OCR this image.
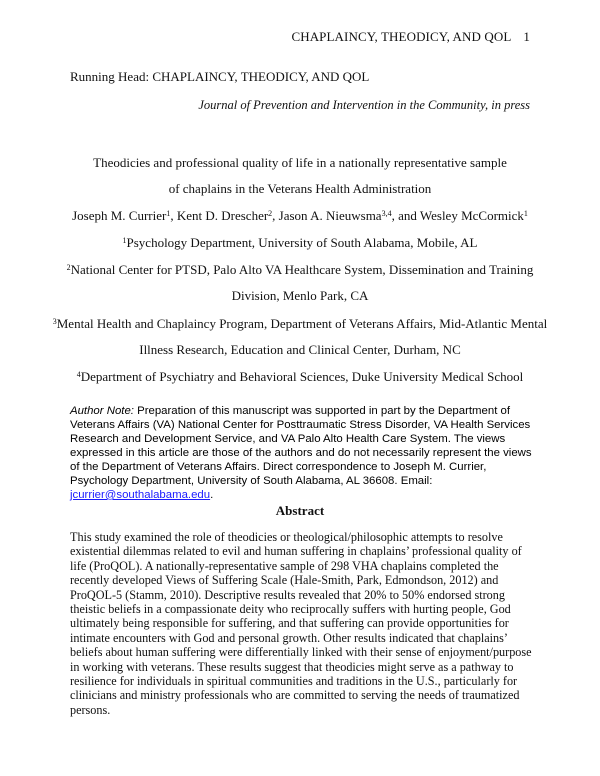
CHAPLAINCY, THEODICY, AND QOL 1
Running Head: CHAPLAINCY, THEODICY, AND QOL
Journal of Prevention and Intervention in the Community, in press
Theodicies and professional quality of life in a nationally representative sample
of chaplains in the Veterans Health Administration
Joseph M. Currier$^1$, Kent D. Drescher$^2$, Jason A. Nieuwsma$^{3,4}$, and Wesley McCormick$^1$
$^1$Psychology Department, University of South Alabama, Mobile, AL
$^2$National Center for PTSD, Palo Alto VA Healthcare System, Dissemination and Training
Division, Menlo Park, CA
$^3$Mental Health and Chaplaincy Program, Department of Veterans Affairs, Mid-Atlantic Mental
Illness Research, Education and Clinical Center, Durham, NC
$^4$Department of Psychiatry and Behavioral Sciences, Duke University Medical School
Author Note: Preparation of this manuscript was supported in part by the Department of Veterans Affairs (VA) National Center for Posttraumatic Stress Disorder, VA Health Services Research and Development Service, and VA Palo Alto Health Care System. The views expressed in this article are those of the authors and do not necessarily represent the views of the Department of Veterans Affairs. Direct correspondence to Joseph M. Currier, Psychology Department, University of South Alabama, AL 36608. Email: jcurrier@southalabama.edu.
Abstract
This study examined the role of theodicies or theological/philosophic attempts to resolve existential dilemmas related to evil and human suffering in chaplains’ professional quality of life (ProQOL). A nationally-representative sample of 298 VHA chaplains completed the recently developed Views of Suffering Scale (Hale-Smith, Park, Edmondson, 2012) and ProQOL-5 (Stamm, 2010). Descriptive results revealed that 20% to 50% endorsed strong theistic beliefs in a compassionate deity who reciprocally suffers with hurting people, God ultimately being responsible for suffering, and that suffering can provide opportunities for intimate encounters with God and personal growth. Other results indicated that chaplains’ beliefs about human suffering were differentially linked with their sense of enjoyment/purpose in working with veterans. These results suggest that theodicies might serve as a pathway to resilience for individuals in spiritual communities and traditions in the U.S., particularly for clinicians and ministry professionals who are committed to serving the needs of traumatized persons.
